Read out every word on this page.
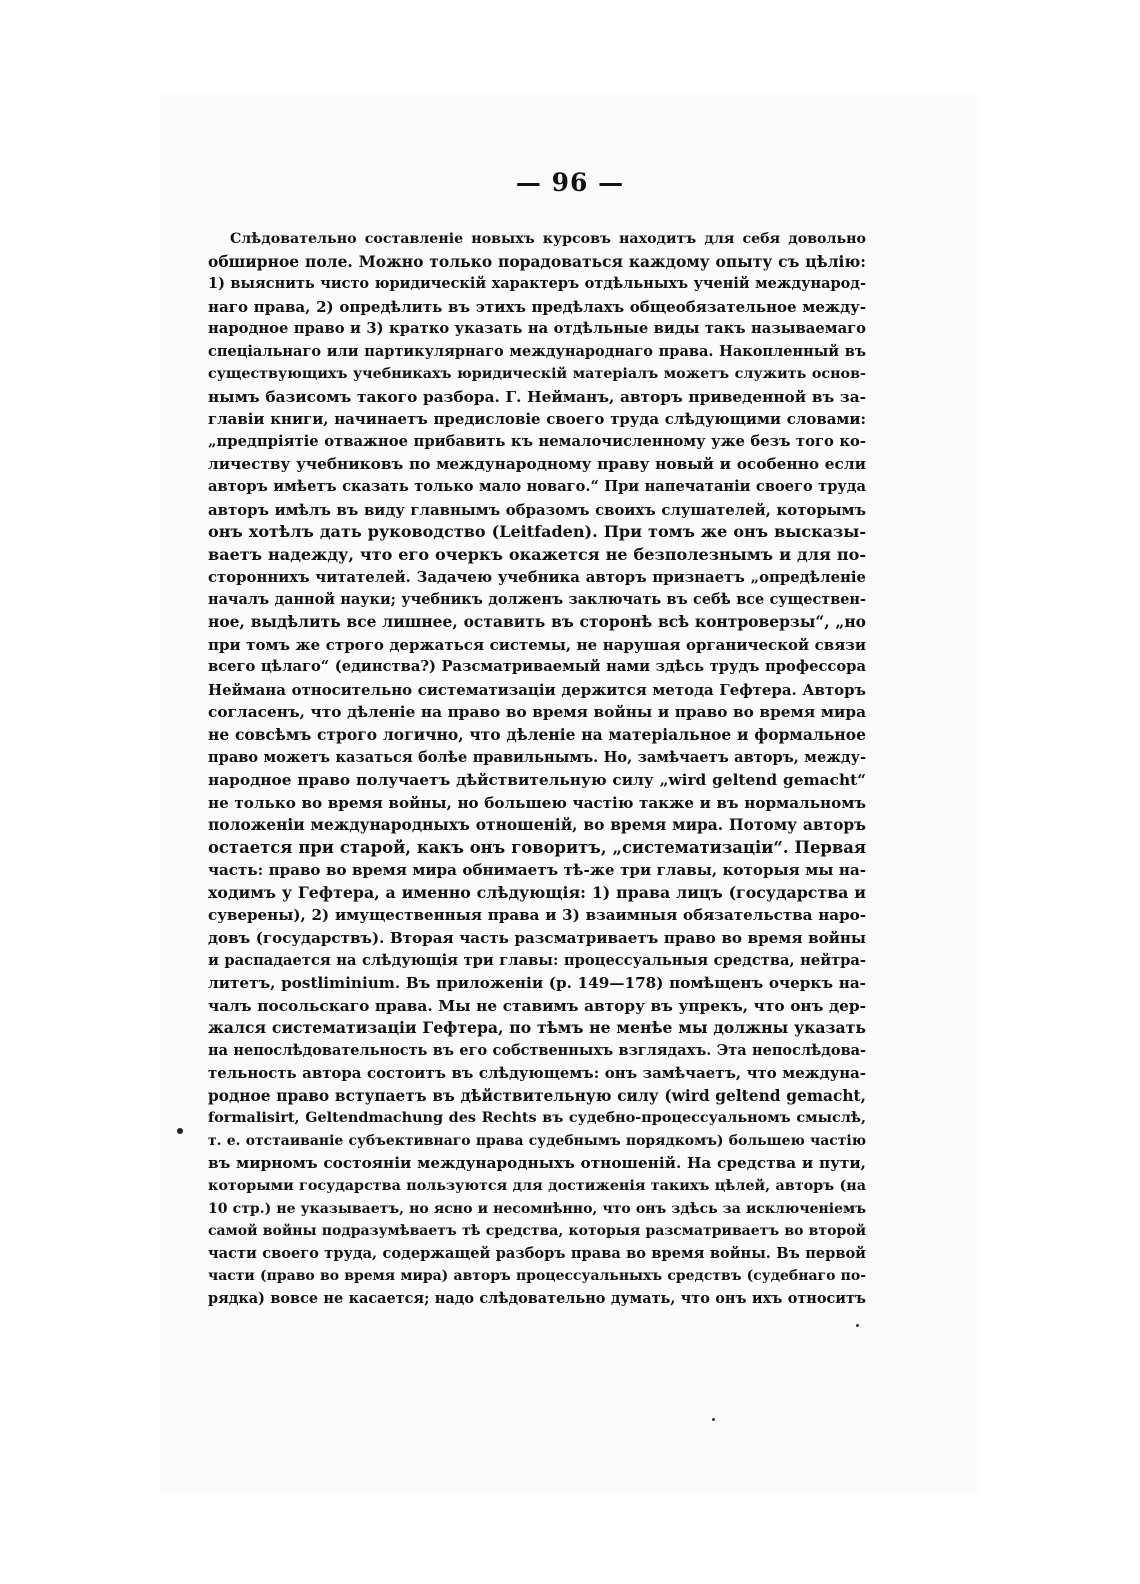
— 96 —
Слѣдовательно составленіе новыхъ курсовъ находитъ для себя довольно
обширное поле. Можно только порадоваться каждому опыту съ цѣлію:
1) выяснить чисто юридическій характеръ отдѣльныхъ ученій международ-
наго права, 2) опредѣлить въ этихъ предѣлахъ общеобязательное между-
народное право и 3) кратко указать на отдѣльные виды такъ называемаго
спеціальнаго или партикулярнаго международнаго права. Накопленный въ
существующихъ учебникахъ юридическій матеріалъ можетъ служить основ-
нымъ базисомъ такого разбора. Г. Нейманъ, авторъ приведенной въ за-
главіи книги, начинаетъ предисловіе своего труда слѣдующими словами:
„предпріятіе отважное прибавить къ немалочисленному уже безъ того ко-
личеству учебниковъ по международному праву новый и особенно если
авторъ имѣетъ сказать только мало новаго.“ При напечатаніи своего труда
авторъ имѣлъ въ виду главнымъ образомъ своихъ слушателей, которымъ
онъ хотѣлъ дать руководство (Leitfaden). При томъ же онъ высказы-
ваетъ надежду, что его очеркъ окажется не безполезнымъ и для по-
стороннихъ читателей. Задачею учебника авторъ признаетъ „опредѣленіе
началъ данной науки; учебникъ долженъ заключать въ себѣ все существен-
ное, выдѣлить все лишнее, оставить въ сторонѣ всѣ контроверзы“, „но
при томъ же строго держаться системы, не нарушая органической связи
всего цѣлаго“ (единства?) Разсматриваемый нами здѣсь трудъ профессора
Неймана относительно систематизаціи держится метода Гефтера. Авторъ
согласенъ, что дѣленіе на право во время войны и право во время мира
не совсѣмъ строго логично, что дѣленіе на матеріальное и формальное
право можетъ казаться болѣе правильнымъ. Но, замѣчаетъ авторъ, между-
народное право получаетъ дѣйствительную силу „wird geltend gemacht“
не только во время войны, но большею частію также и въ нормальномъ
положеніи международныхъ отношеній, во время мира. Потому авторъ
остается при старой, какъ онъ говоритъ, „систематизаціи“. Первая
часть: право во время мира обнимаетъ тѣ-же три главы, которыя мы на-
ходимъ у Гефтера, а именно слѣдующія: 1) права лицъ (государства и
суверены), 2) имущественныя права и 3) взаимныя обязательства наро-
довъ (государствъ). Вторая часть разсматриваетъ право во время войны
и распадается на слѣдующія три главы: процессуальныя средства, нейтра-
литетъ, postliminium. Въ приложеніи (p. 149—178) помѣщенъ очеркъ на-
чалъ посольскаго права. Мы не ставимъ автору въ упрекъ, что онъ дер-
жался систематизаціи Гефтера, по тѣмъ не менѣе мы должны указать
на непослѣдовательность въ его собственныхъ взглядахъ. Эта непослѣдова-
тельность автора состоитъ въ слѣдующемъ: онъ замѣчаетъ, что междуна-
родное право вступаетъ въ дѣйствительную силу (wird geltend gemacht,
formalisirt, Geltendmachung des Rechts въ судебно-процессуальномъ смыслѣ,
т. е. отстаиваніе субъективнаго права судебнымъ порядкомъ) большею частію
въ мирномъ состояніи международныхъ отношеній. На средства и пути,
которыми государства пользуются для достиженія такихъ цѣлей, авторъ (на
10 стр.) не указываетъ, но ясно и несомнѣнно, что онъ здѣсь за исключеніемъ
самой войны подразумѣваетъ тѣ средства, которыя разсматриваетъ во второй
части своего труда, содержащей разборъ права во время войны. Въ первой
части (право во время мира) авторъ процессуальныхъ средствъ (судебнаго по-
рядка) вовсе не касается; надо слѣдовательно думать, что онъ ихъ относитъ
